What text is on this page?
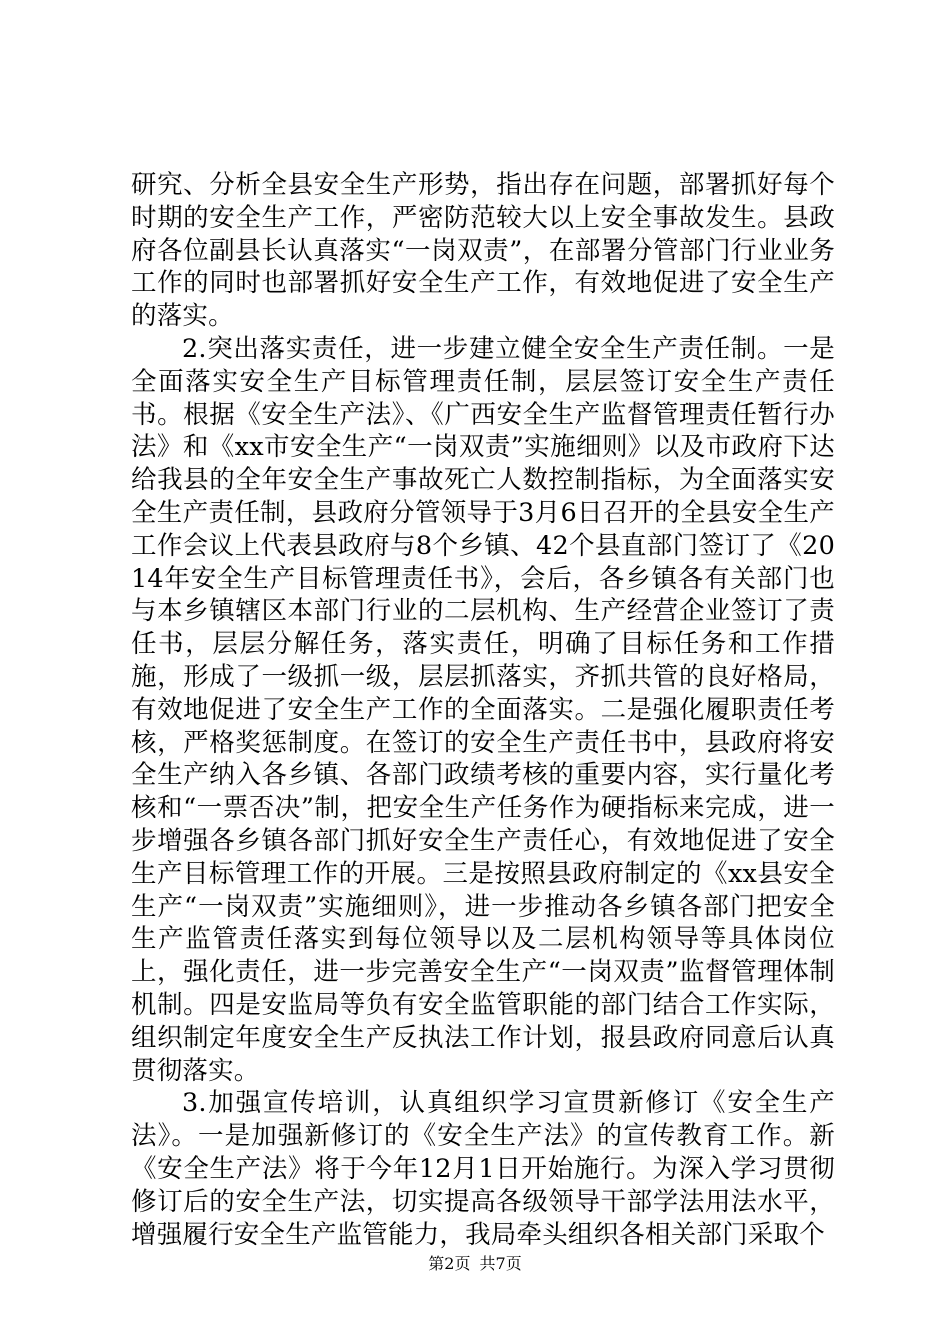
研究、分析全县安全生产形势，指出存在问题，部署抓好每个时期的安全生产工作，严密防范较大以上安全事故发生。县政府各位副县长认真落实“一岗双责”，在部署分管部门行业业务工作的同时也部署抓好安全生产工作，有效地促进了安全生产的落实。

2.突出落实责任，进一步建立健全安全生产责任制。一是全面落实安全生产目标管理责任制，层层签订安全生产责任书。根据《安全生产法》、《广西安全生产监督管理责任暂行办法》和《xx市安全生产“一岗双责”实施细则》以及市政府下达给我县的全年安全生产事故死亡人数控制指标，为全面落实安全生产责任制，县政府分管领导于3月6日召开的全县安全生产工作会议上代表县政府与8个乡镇、42个县直部门签订了《2014年安全生产目标管理责任书》，会后，各乡镇各有关部门也与本乡镇辖区本部门行业的二层机构、生产经营企业签订了责任书，层层分解任务，落实责任，明确了目标任务和工作措施，形成了一级抓一级，层层抓落实，齐抓共管的良好格局，有效地促进了安全生产工作的全面落实。二是强化履职责任考核，严格奖惩制度。在签订的安全生产责任书中，县政府将安全生产纳入各乡镇、各部门政绩考核的重要内容，实行量化考核和“一票否决”制，把安全生产任务作为硬指标来完成，进一步增强各乡镇各部门抓好安全生产责任心，有效地促进了安全生产目标管理工作的开展。三是按照县政府制定的《xx县安全生产“一岗双责”实施细则》，进一步推动各乡镇各部门把安全生产监管责任落实到每位领导以及二层机构领导等具体岗位上，强化责任，进一步完善安全生产“一岗双责”监督管理体制机制。四是安监局等负有安全监管职能的部门结合工作实际，组织制定年度安全生产反执法工作计划，报县政府同意后认真贯彻落实。

3.加强宣传培训，认真组织学习宣贯新修订《安全生产法》。一是加强新修订的《安全生产法》的宣传教育工作。新《安全生产法》将于今年12月1日开始施行。为深入学习贯彻修订后的安全生产法，切实提高各级领导干部学法用法水平，增强履行安全生产监管能力，我局牵头组织各相关部门采取个

第2页 共7页
